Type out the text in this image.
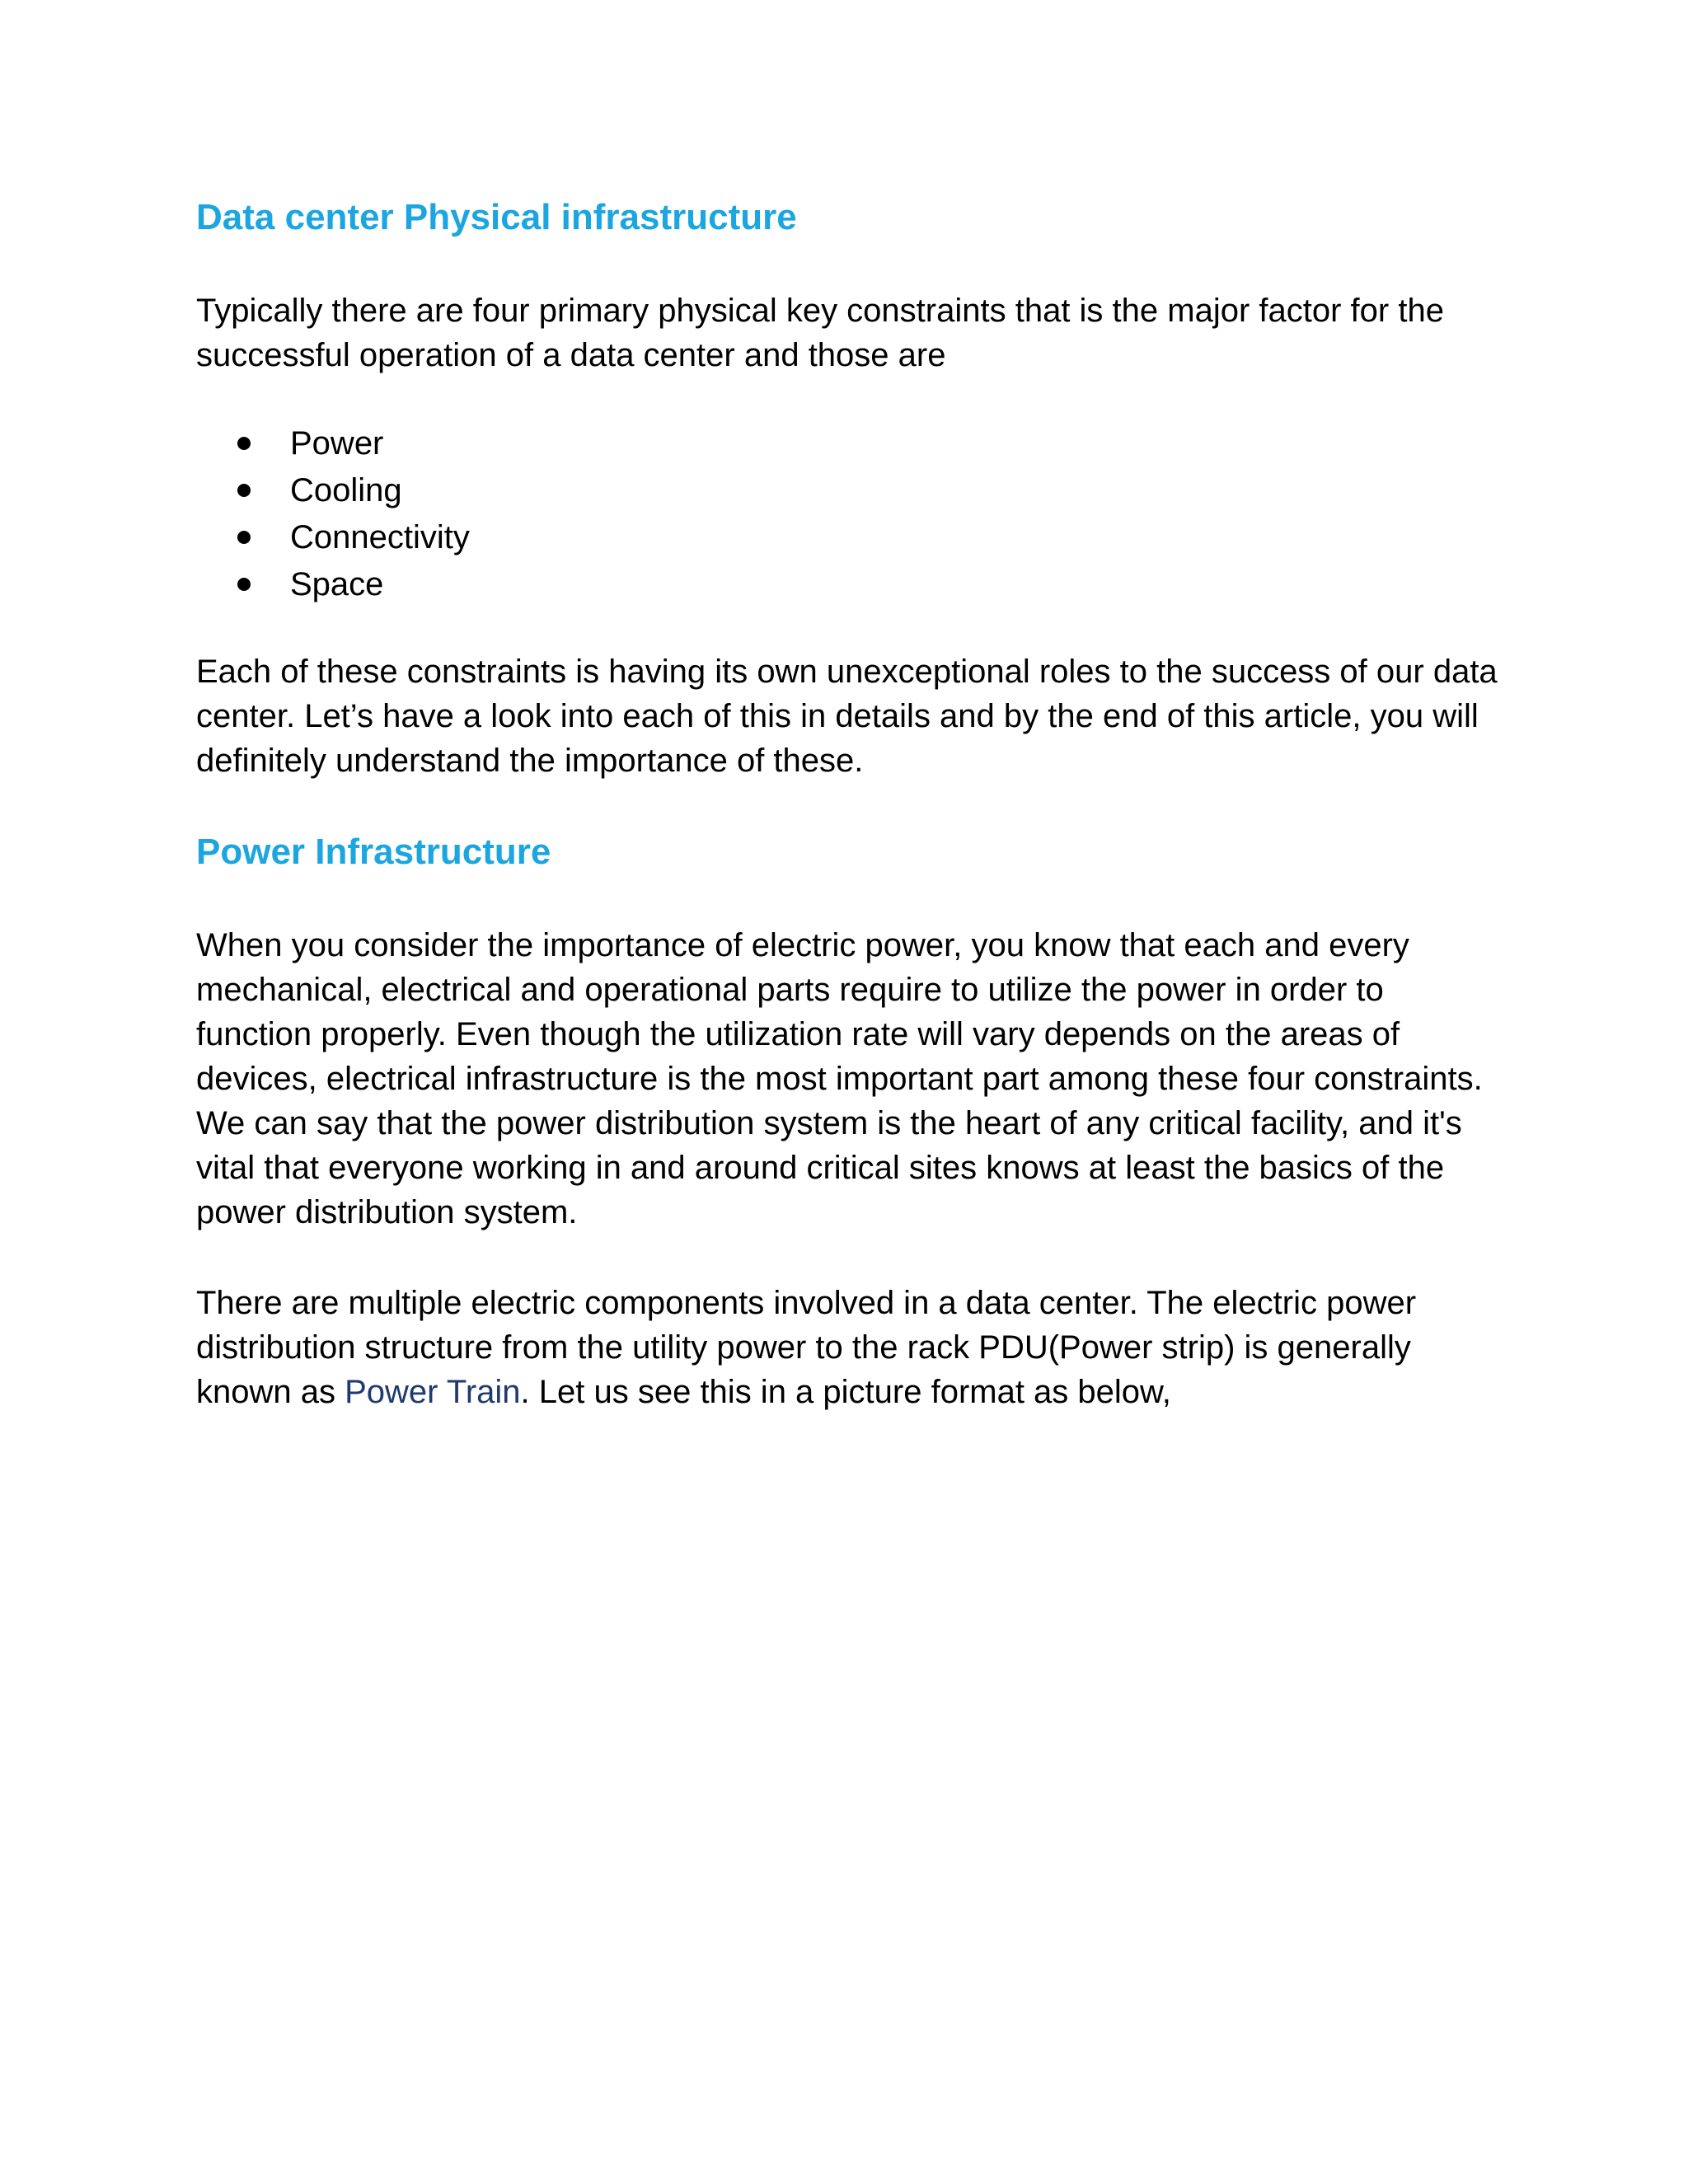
Data center Physical infrastructure

Typically there are four primary physical key constraints that is the major factor for the successful operation of a data center and those are

Power
Cooling
Connectivity
Space

Each of these constraints is having its own unexceptional roles to the success of our data center. Let’s have a look into each of this in details and by the end of this article, you will definitely understand the importance of these.

Power Infrastructure

When you consider the importance of electric power, you know that each and every mechanical, electrical and operational parts require to utilize the power in order to function properly. Even though the utilization rate will vary depends on the areas of devices, electrical infrastructure is the most important part among these four constraints. We can say that the power distribution system is the heart of any critical facility, and it's vital that everyone working in and around critical sites knows at least the basics of the power distribution system.

There are multiple electric components involved in a data center. The electric power distribution structure from the utility power to the rack PDU(Power strip) is generally known as Power Train. Let us see this in a picture format as below,
